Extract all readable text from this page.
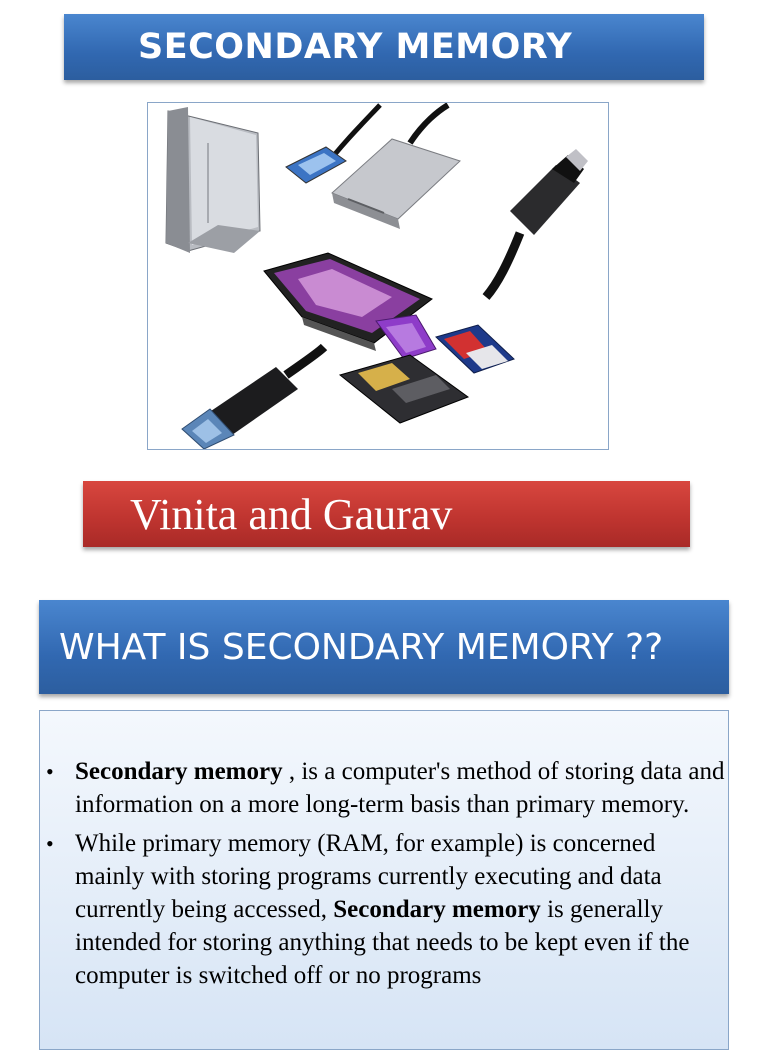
SECONDARY MEMORY
Vinita and Gaurav
WHAT IS SECONDARY MEMORY ??
• Secondary memory , is a computer's method of storing data and information on a more long-term basis than primary memory.
• While primary memory (RAM, for example) is concerned mainly with storing programs currently executing and data currently being accessed, Secondary memory is generally intended for storing anything that needs to be kept even if the computer is switched off or no programs
